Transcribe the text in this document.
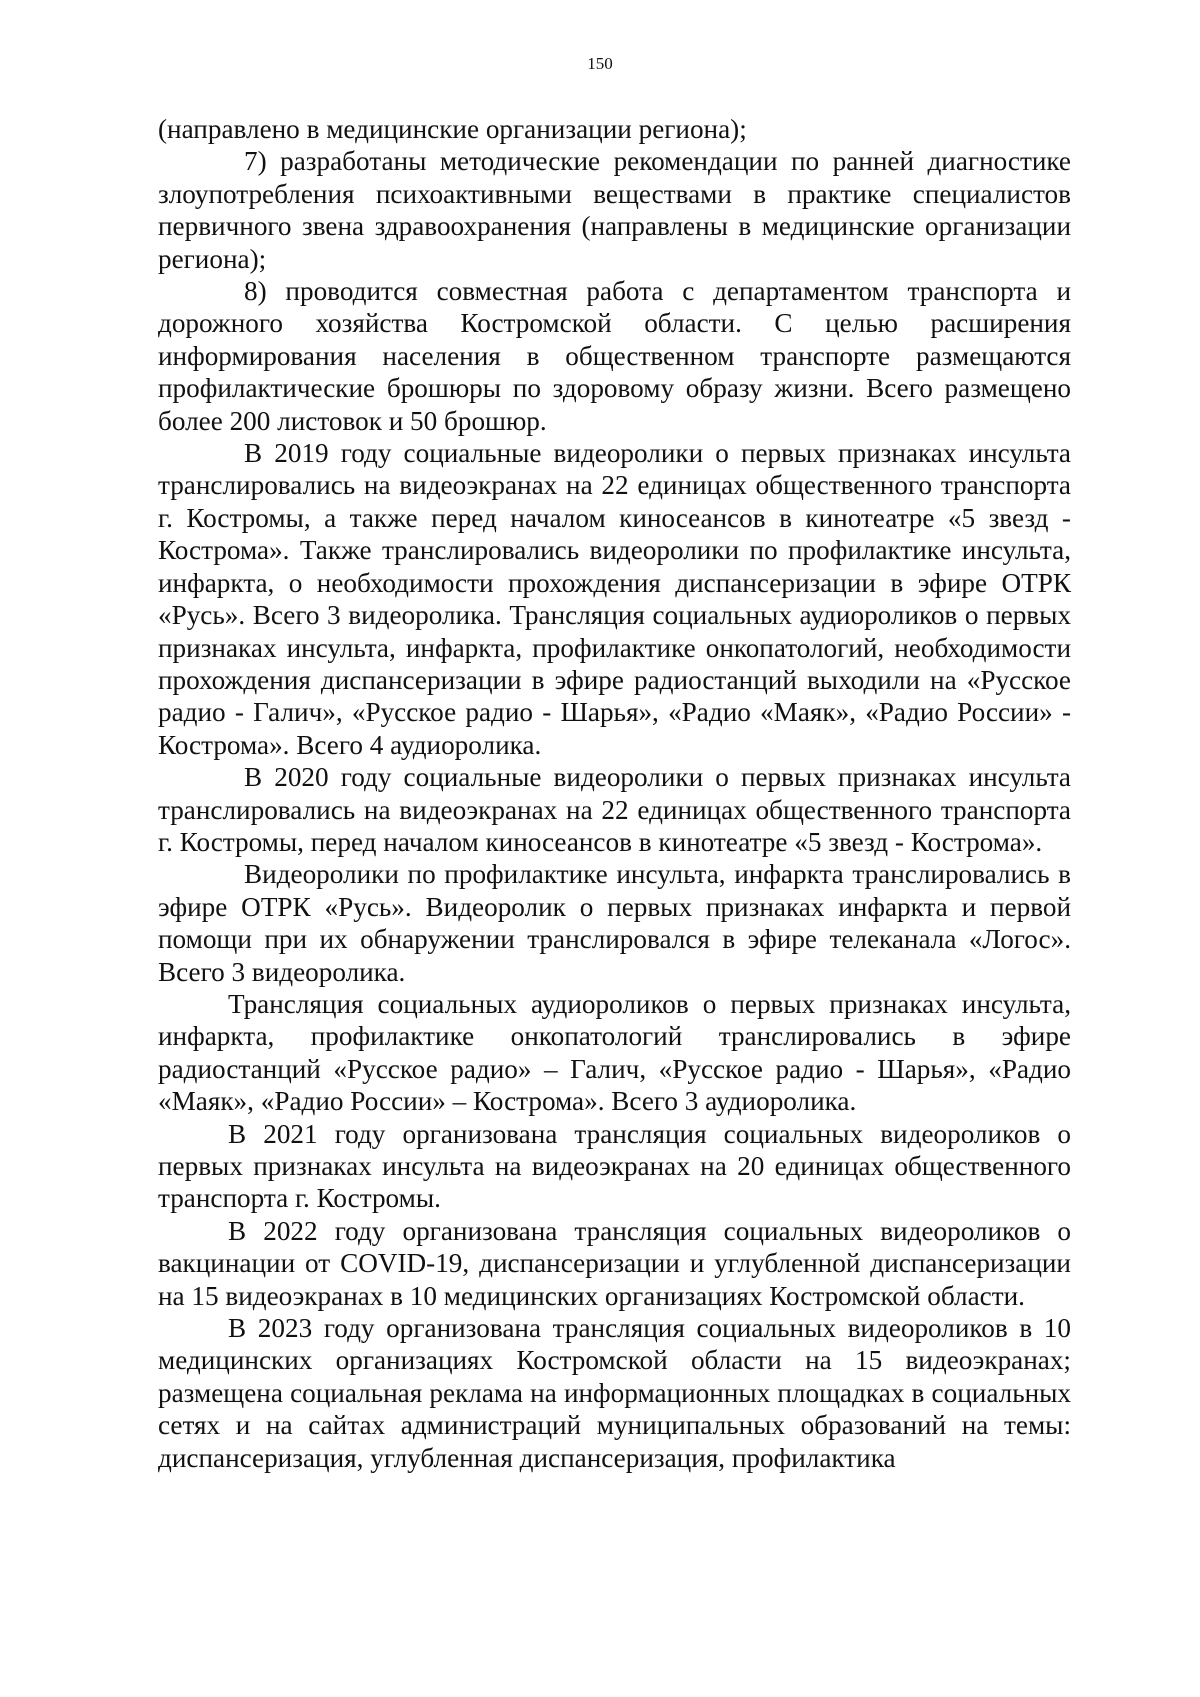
150

(направлено в медицинские организации региона);

7) разработаны методические рекомендации по ранней диагностике злоупотребления психоактивными веществами в практике специалистов первичного звена здравоохранения (направлены в медицинские организации региона);

8) проводится совместная работа с департаментом транспорта и дорожного хозяйства Костромской области. С целью расширения информирования населения в общественном транспорте размещаются профилактические брошюры по здоровому образу жизни. Всего размещено более 200 листовок и 50 брошюр.

В 2019 году социальные видеоролики о первых признаках инсульта транслировались на видеоэкранах на 22 единицах общественного транспорта г. Костромы, а также перед началом киносеансов в кинотеатре «5 звезд - Кострома». Также транслировались видеоролики по профилактике инсульта, инфаркта, о необходимости прохождения диспансеризации в эфире ОТРК «Русь». Всего 3 видеоролика. Трансляция социальных аудиороликов о первых признаках инсульта, инфаркта, профилактике онкопатологий, необходимости прохождения диспансеризации в эфире радиостанций выходили на «Русское радио - Галич», «Русское радио - Шарья», «Радио «Маяк», «Радио России» - Кострома». Всего 4 аудиоролика.

В 2020 году социальные видеоролики о первых признаках инсульта транслировались на видеоэкранах на 22 единицах общественного транспорта г. Костромы, перед началом киносеансов в кинотеатре «5 звезд - Кострома».

Видеоролики по профилактике инсульта, инфаркта транслировались в эфире ОТРК «Русь». Видеоролик о первых признаках инфаркта и первой помощи при их обнаружении транслировался в эфире телеканала «Логос». Всего 3 видеоролика.

Трансляция социальных аудиороликов о первых признаках инсульта, инфаркта, профилактике онкопатологий транслировались в эфире радиостанций «Русское радио» – Галич, «Русское радио - Шарья», «Радио «Маяк», «Радио России» – Кострома». Всего 3 аудиоролика.

В 2021 году организована трансляция социальных видеороликов о первых признаках инсульта на видеоэкранах на 20 единицах общественного транспорта г. Костромы.

В 2022 году организована трансляция социальных видеороликов о вакцинации от COVID-19, диспансеризации и углубленной диспансеризации на 15 видеоэкранах в 10 медицинских организациях Костромской области.

В 2023 году организована трансляция социальных видеороликов в 10 медицинских организациях Костромской области на 15 видеоэкранах; размещена социальная реклама на информационных площадках в социальных сетях и на сайтах администраций муниципальных образований на темы: диспансеризация, углубленная диспансеризация, профилактика
